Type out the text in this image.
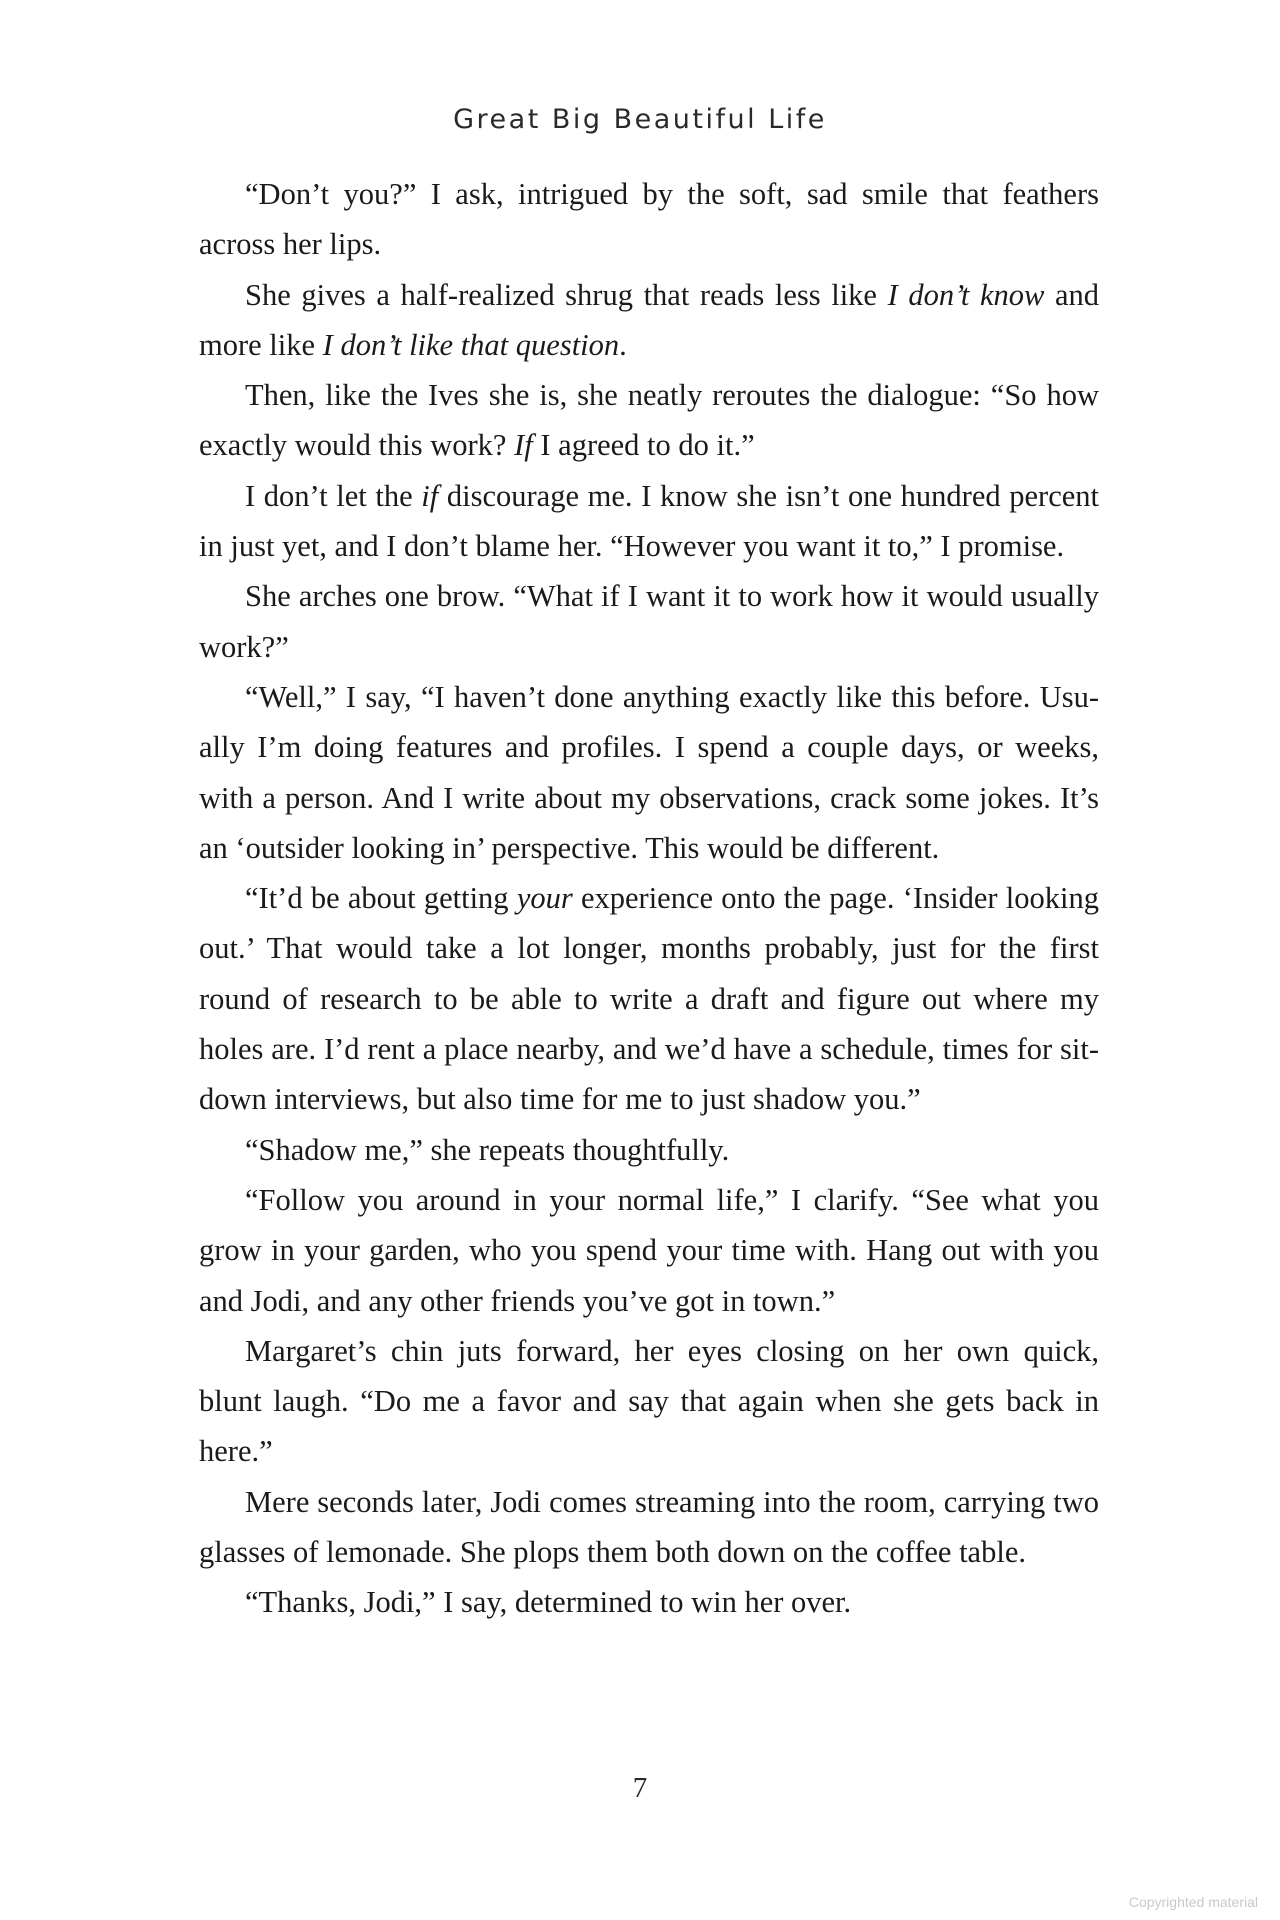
Great Big Beautiful Life

“Don’t you?” I ask, intrigued by the soft, sad smile that feathers across her lips.

She gives a half-realized shrug that reads less like I don’t know and more like I don’t like that question.

Then, like the Ives she is, she neatly reroutes the dialogue: “So how exactly would this work? If I agreed to do it.”

I don’t let the if discourage me. I know she isn’t one hundred percent in just yet, and I don’t blame her. “However you want it to,” I promise.

She arches one brow. “What if I want it to work how it would usually work?”

“Well,” I say, “I haven’t done anything exactly like this before. Usually I’m doing features and profiles. I spend a couple days, or weeks, with a person. And I write about my observations, crack some jokes. It’s an ‘outsider looking in’ perspective. This would be different.

“It’d be about getting your experience onto the page. ‘Insider looking out.’ That would take a lot longer, months probably, just for the first round of research to be able to write a draft and figure out where my holes are. I’d rent a place nearby, and we’d have a schedule, times for sit-down interviews, but also time for me to just shadow you.”

“Shadow me,” she repeats thoughtfully.

“Follow you around in your normal life,” I clarify. “See what you grow in your garden, who you spend your time with. Hang out with you and Jodi, and any other friends you’ve got in town.”

Margaret’s chin juts forward, her eyes closing on her own quick, blunt laugh. “Do me a favor and say that again when she gets back in here.”

Mere seconds later, Jodi comes streaming into the room, carrying two glasses of lemonade. She plops them both down on the coffee table.

“Thanks, Jodi,” I say, determined to win her over.

7
Copyrighted material
